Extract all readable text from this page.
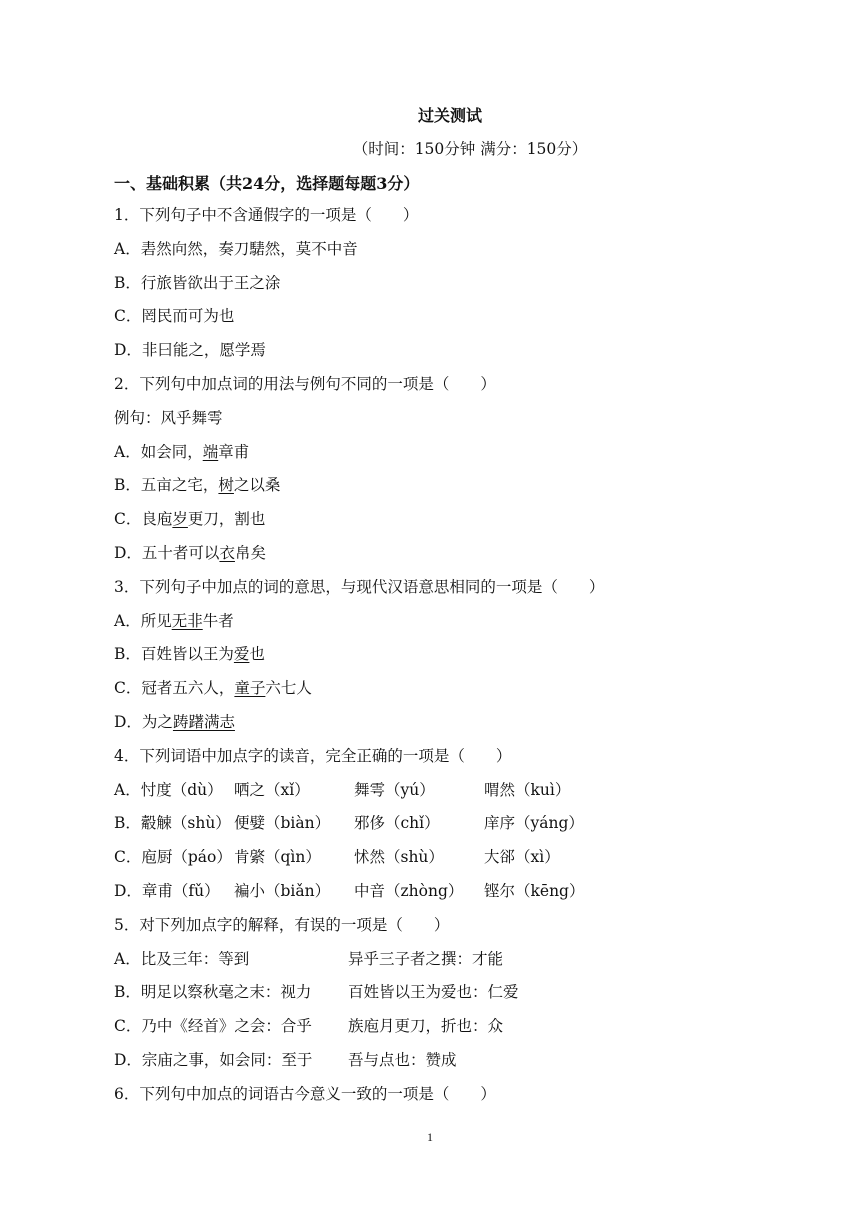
过关测试
（时间：150分钟 满分：150分）
一、基础积累（共24分，选择题每题3分）
1．下列句子中不含通假字的一项是（　　）
A．砉然向然，奏刀騞然，莫不中音
B．行旅皆欲出于王之涂
C．罔民而可为也
D．非曰能之，愿学焉
2．下列句中加点词的用法与例句不同的一项是（　　）
例句：风乎舞雩
A．如会同，端章甫
B．五亩之宅，树之以桑
C．良庖岁更刀，割也
D．五十者可以衣帛矣
3．下列句子中加点的词的意思，与现代汉语意思相同的一项是（　　）
A．所见无非牛者
B．百姓皆以王为爱也
C．冠者五六人，童子六七人
D．为之踌躇满志
4．下列词语中加点字的读音，完全正确的一项是（　　）
A．忖度（dù） 哂之（xǐ）	舞雩（yú）	喟然（kuì）
B．觳觫（shù） 便嬖（biàn）	邪侈（chǐ）	庠序（yáng）
C．庖厨（páo） 肯綮（qìn）	怵然（shù）	大郤（xì）
D．章甫（fǔ） 褊小（biǎn）	中音（zhòng）	铿尔（kēng）
5．对下列加点字的解释，有误的一项是（　　）
A．比及三年：等到	异乎三子者之撰：才能
B．明足以察秋毫之末：视力	百姓皆以王为爱也：仁爱
C．乃中《经首》之会：合乎	族庖月更刀，折也：众
D．宗庙之事，如会同：至于	吾与点也：赞成
6．下列句中加点的词语古今意义一致的一项是（　　）
1
